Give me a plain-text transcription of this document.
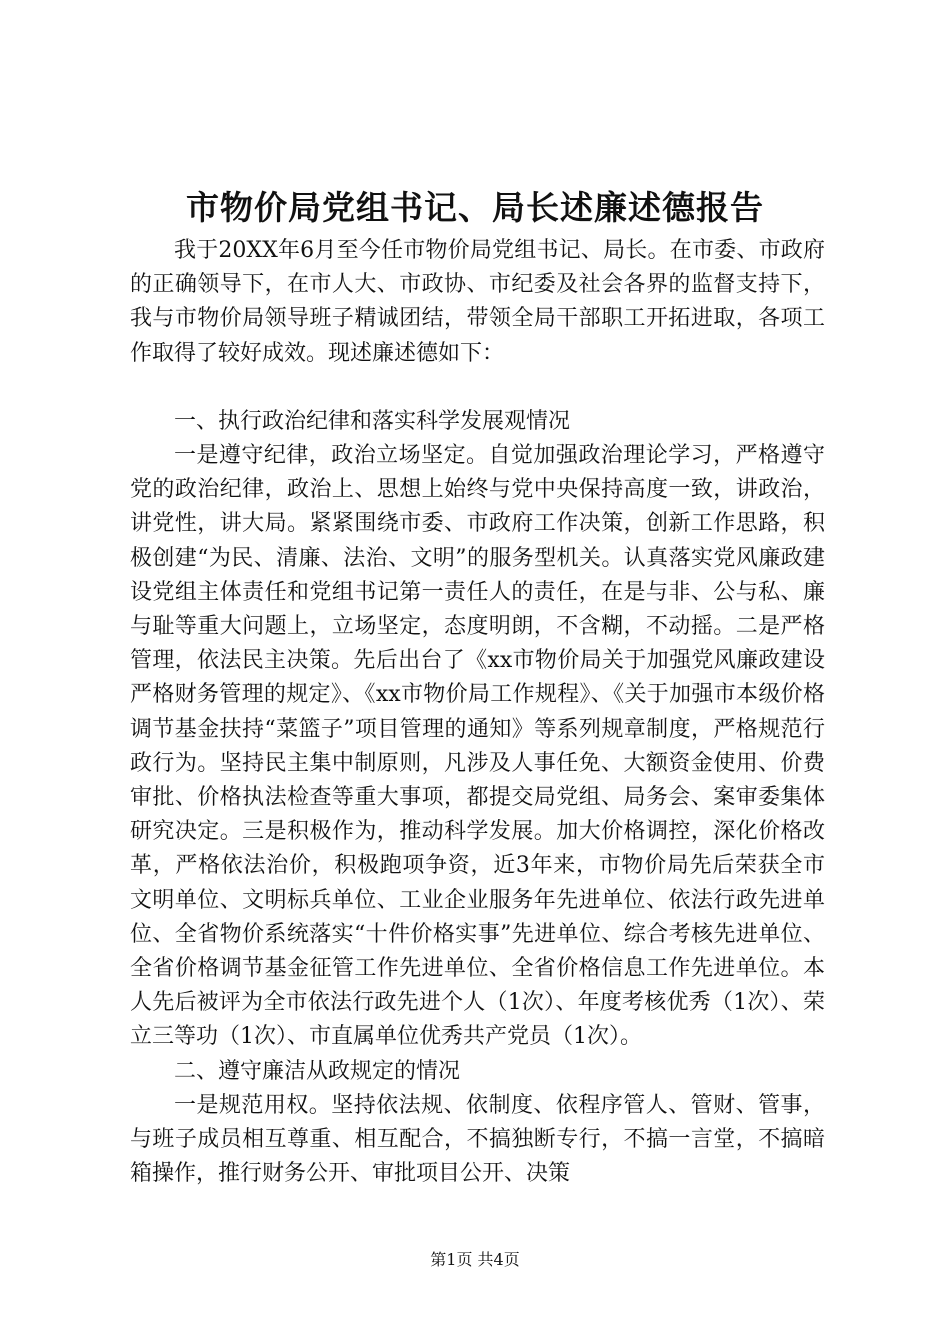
市物价局党组书记、局长述廉述德报告

我于20XX年6月至今任市物价局党组书记、局长。在市委、市政府的正确领导下，在市人大、市政协、市纪委及社会各界的监督支持下，我与市物价局领导班子精诚团结，带领全局干部职工开拓进取，各项工作取得了较好成效。现述廉述德如下：

一、执行政治纪律和落实科学发展观情况

一是遵守纪律，政治立场坚定。自觉加强政治理论学习，严格遵守党的政治纪律，政治上、思想上始终与党中央保持高度一致，讲政治，讲党性，讲大局。紧紧围绕市委、市政府工作决策，创新工作思路，积极创建“为民、清廉、法治、文明”的服务型机关。认真落实党风廉政建设党组主体责任和党组书记第一责任人的责任，在是与非、公与私、廉与耻等重大问题上，立场坚定，态度明朗，不含糊，不动摇。二是严格管理，依法民主决策。先后出台了《xx市物价局关于加强党风廉政建设严格财务管理的规定》、《xx市物价局工作规程》、《关于加强市本级价格调节基金扶持“菜篮子”项目管理的通知》等系列规章制度，严格规范行政行为。坚持民主集中制原则，凡涉及人事任免、大额资金使用、价费审批、价格执法检查等重大事项，都提交局党组、局务会、案审委集体研究决定。三是积极作为，推动科学发展。加大价格调控，深化价格改革，严格依法治价，积极跑项争资，近3年来，市物价局先后荣获全市文明单位、文明标兵单位、工业企业服务年先进单位、依法行政先进单位、全省物价系统落实“十件价格实事”先进单位、综合考核先进单位、全省价格调节基金征管工作先进单位、全省价格信息工作先进单位。本人先后被评为全市依法行政先进个人（1次）、年度考核优秀（1次）、荣立三等功（1次）、市直属单位优秀共产党员（1次）。

二、遵守廉洁从政规定的情况

一是规范用权。坚持依法规、依制度、依程序管人、管财、管事，与班子成员相互尊重、相互配合，不搞独断专行，不搞一言堂，不搞暗箱操作，推行财务公开、审批项目公开、决策

第1页 共4页
